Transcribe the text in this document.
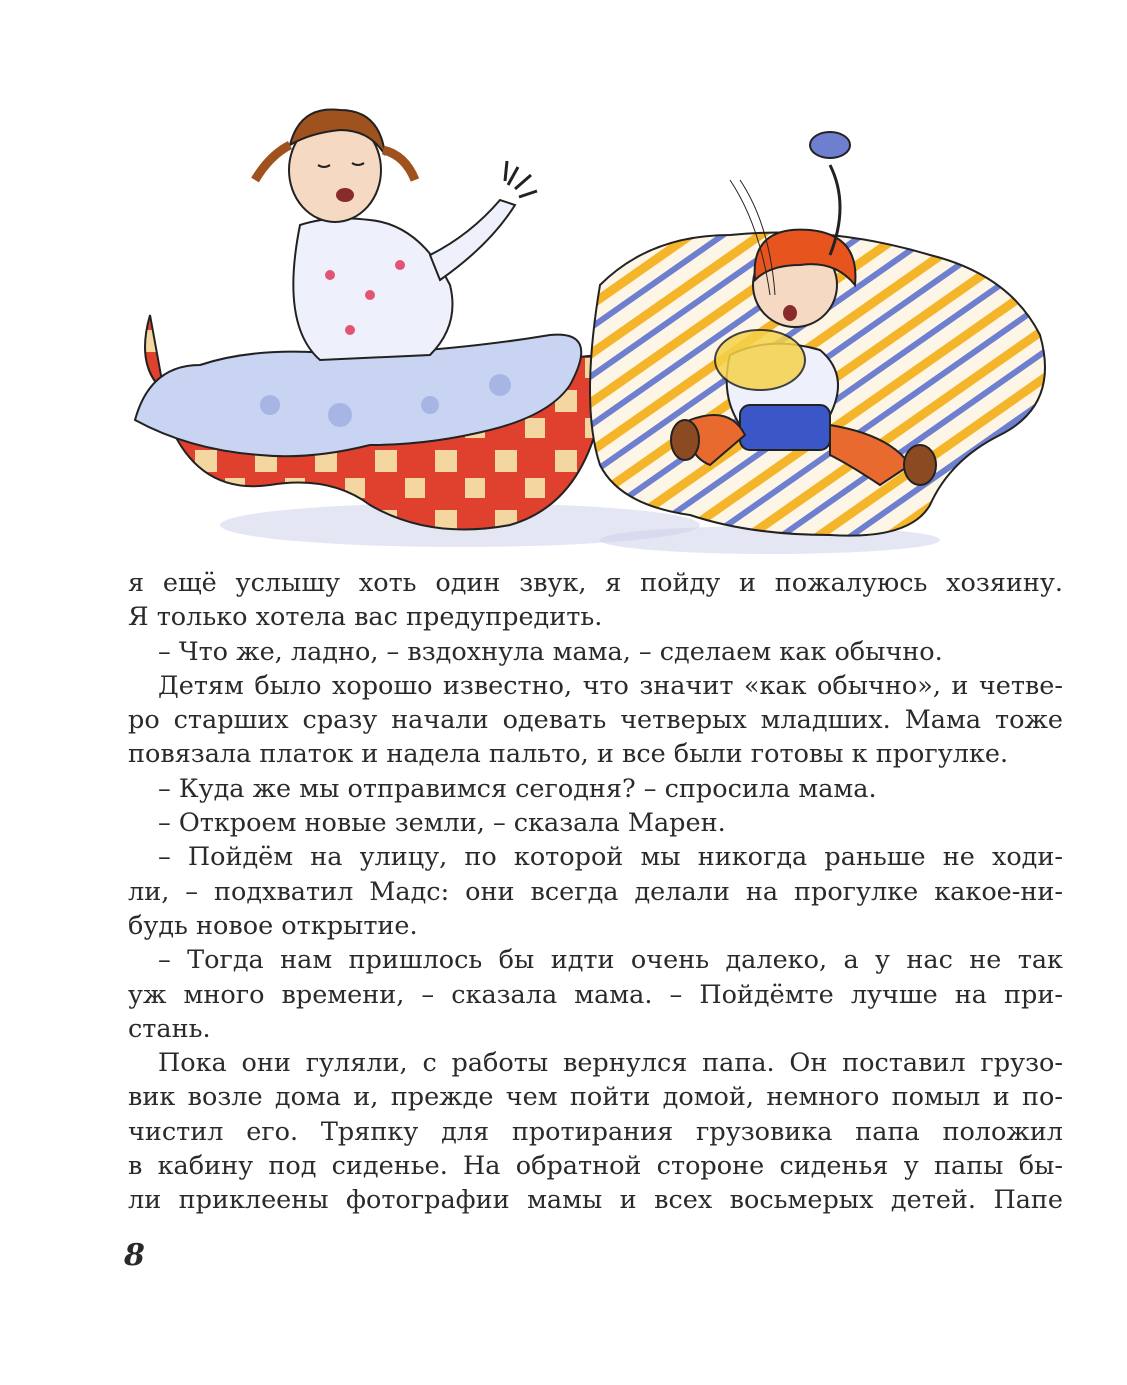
я ещё услышу хоть один звук, я пойду и пожалуюсь хозяину.
Я только хотела вас предупредить.
– Что же, ладно, – вздохнула мама, – сделаем как обычно.
Детям было хорошо известно, что значит «как обычно», и четве-
ро старших сразу начали одевать четверых младших. Мама тоже
повязала платок и надела пальто, и все были готовы к прогулке.
– Куда же мы отправимся сегодня? – спросила мама.
– Откроем новые земли, – сказала Марен.
– Пойдём на улицу, по которой мы никогда раньше не ходи-
ли, – подхватил Мадс: они всегда делали на прогулке какое-ни-
будь новое открытие.
– Тогда нам пришлось бы идти очень далеко, а у нас не так
уж много времени, – сказала мама. – Пойдёмте лучше на при-
стань.
Пока они гуляли, с работы вернулся папа. Он поставил грузо-
вик возле дома и, прежде чем пойти домой, немного помыл и по-
чистил его. Тряпку для протирания грузовика папа положил
в кабину под сиденье. На обратной стороне сиденья у папы бы-
ли приклеены фотографии мамы и всех восьмерых детей. Папе
8
